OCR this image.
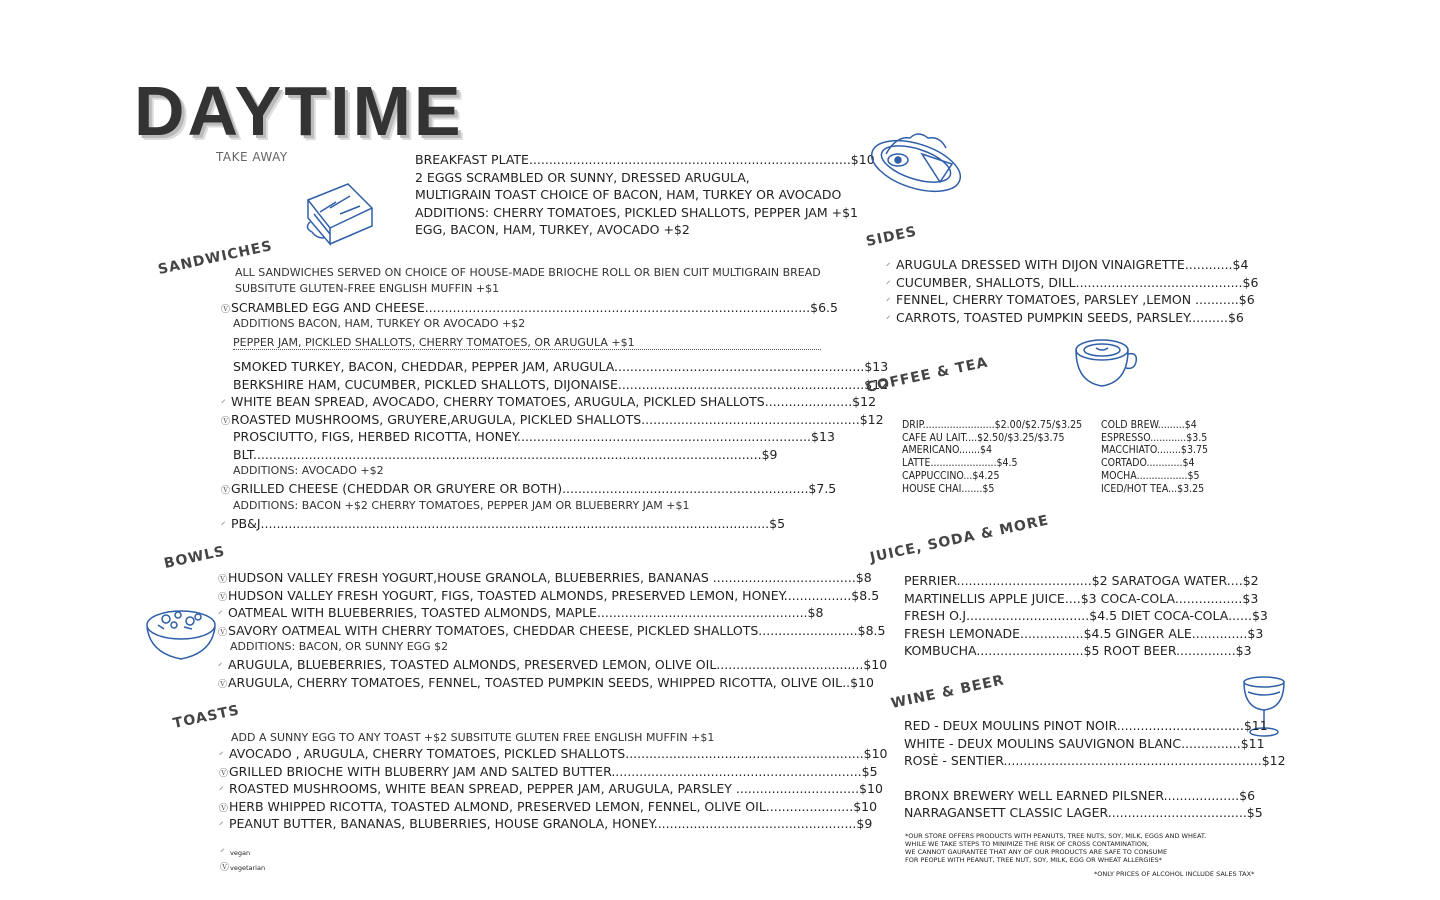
DAYTIME
TAKE AWAY	BREAKFAST PLATE.................................................................................$10
2 EGGS SCRAMBLED OR SUNNY, DRESSED ARUGULA,
MULTIGRAIN TOAST CHOICE OF BACON, HAM, TURKEY OR AVOCADO
ADDITIONS: CHERRY TOMATOES, PICKLED SHALLOTS, PEPPER JAM +$1
EGG, BACON, HAM, TURKEY, AVOCADO +$2
SANDWICHES
ALL SANDWICHES SERVED ON CHOICE OF HOUSE-MADE BRIOCHE ROLL OR BIEN CUIT MULTIGRAIN BREAD
SUBSITUTE GLUTEN-FREE ENGLISH MUFFIN +$1
ⓋSCRAMBLED EGG AND CHEESE.................................................................................................$6.5
ADDITIONS BACON, HAM, TURKEY OR AVOCADO +$2
PEPPER JAM, PICKLED SHALLOTS, CHERRY TOMATOES, OR ARUGULA +$1
SMOKED TURKEY, BACON, CHEDDAR, PEPPER JAM, ARUGULA...............................................................$13
BERKSHIRE HAM, CUCUMBER, PICKLED SHALLOTS, DIJONAISE..............................................................$12
⸍ WHITE BEAN SPREAD, AVOCADO, CHERRY TOMATOES, ARUGULA, PICKLED SHALLOTS......................$12
ⓋROASTED MUSHROOMS, GRUYERE,ARUGULA, PICKLED SHALLOTS.......................................................$12
PROSCIUTTO, FIGS, HERBED RICOTTA, HONEY..........................................................................$13
BLT................................................................................................................................$9
ADDITIONS: AVOCADO +$2
ⓋGRILLED CHEESE (CHEDDAR OR GRUYERE OR BOTH)..............................................................$7.5
ADDITIONS: BACON +$2 CHERRY TOMATOES, PEPPER JAM OR BLUEBERRY JAM +$1
⸍ PB&J................................................................................................................................$5
BOWLS
ⓋHUDSON VALLEY FRESH YOGURT,HOUSE GRANOLA, BLUEBERRIES, BANANAS ....................................$8
ⓋHUDSON VALLEY FRESH YOGURT, FIGS, TOASTED ALMONDS, PRESERVED LEMON, HONEY.................$8.5
⸍ OATMEAL WITH BLUEBERRIES, TOASTED ALMONDS, MAPLE.....................................................$8
ⓋSAVORY OATMEAL WITH CHERRY TOMATOES, CHEDDAR CHEESE, PICKLED SHALLOTS.........................$8.5
ADDITIONS: BACON, OR SUNNY EGG $2
⸍ ARUGULA, BLUEBERRIES, TOASTED ALMONDS, PRESERVED LEMON, OLIVE OIL.....................................$10
ⓋARUGULA, CHERRY TOMATOES, FENNEL, TOASTED PUMPKIN SEEDS, WHIPPED RICOTTA, OLIVE OIL..$10
TOASTS
ADD A SUNNY EGG TO ANY TOAST +$2 SUBSITUTE GLUTEN FREE ENGLISH MUFFIN +$1
⸍ AVOCADO , ARUGULA, CHERRY TOMATOES, PICKLED SHALLOTS............................................................$10
ⓋGRILLED BRIOCHE WITH BLUBERRY JAM AND SALTED BUTTER...............................................................$5
⸍ ROASTED MUSHROOMS, WHITE BEAN SPREAD, PEPPER JAM, ARUGULA, PARSLEY ...............................$10
ⓋHERB WHIPPED RICOTTA, TOASTED ALMOND, PRESERVED LEMON, FENNEL, OLIVE OIL......................$10
⸍ PEANUT BUTTER, BANANAS, BLUBERRIES, HOUSE GRANOLA, HONEY...................................................$9
⸍ vegan
Ⓥvegetarian
SIDES
⸍ ARUGULA DRESSED WITH DIJON VINAIGRETTE............$4
⸍ CUCUMBER, SHALLOTS, DILL..........................................$6
⸍ FENNEL, CHERRY TOMATOES, PARSLEY ,LEMON ...........$6
⸍ CARROTS, TOASTED PUMPKIN SEEDS, PARSLEY..........$6
COFFEE & TEA
DRIP........................$2.00/$2.75/$3.25
CAFE AU LAIT....$2.50/$3.25/$3.75
AMERICANO.......$4
LATTE......................$4.5
CAPPUCCINO...$4.25
HOUSE CHAI.......$5
COLD BREW.........$4
ESPRESSO............$3.5
MACCHIATO........$3.75
CORTADO............$4
MOCHA.................$5
ICED/HOT TEA...$3.25
JUICE, SODA & MORE
PERRIER..................................$2 SARATOGA WATER....$2
MARTINELLIS APPLE JUICE....$3 COCA-COLA.................$3
FRESH O.J...............................$4.5 DIET COCA-COLA......$3
FRESH LEMONADE................$4.5 GINGER ALE..............$3
KOMBUCHA...........................$5 ROOT BEER...............$3
WINE & BEER
RED - DEUX MOULINS PINOT NOIR................................$11
WHITE - DEUX MOULINS SAUVIGNON BLANC...............$11
ROSÈ - SENTIER.................................................................$12
BRONX BREWERY WELL EARNED PILSNER...................$6
NARRAGANSETT CLASSIC LAGER...................................$5
*OUR STORE OFFERS PRODUCTS WITH PEANUTS, TREE NUTS, SOY, MILK, EGGS AND WHEAT.
WHILE WE TAKE STEPS TO MINIMIZE THE RISK OF CROSS CONTAMINATION,
WE CANNOT GAURANTEE THAT ANY OF OUR PRODUCTS ARE SAFE TO CONSUME
FOR PEOPLE WITH PEANUT, TREE NUT, SOY, MILK, EGG OR WHEAT ALLERGIES*
*ONLY PRICES OF ALCOHOL INCLUDE SALES TAX*
